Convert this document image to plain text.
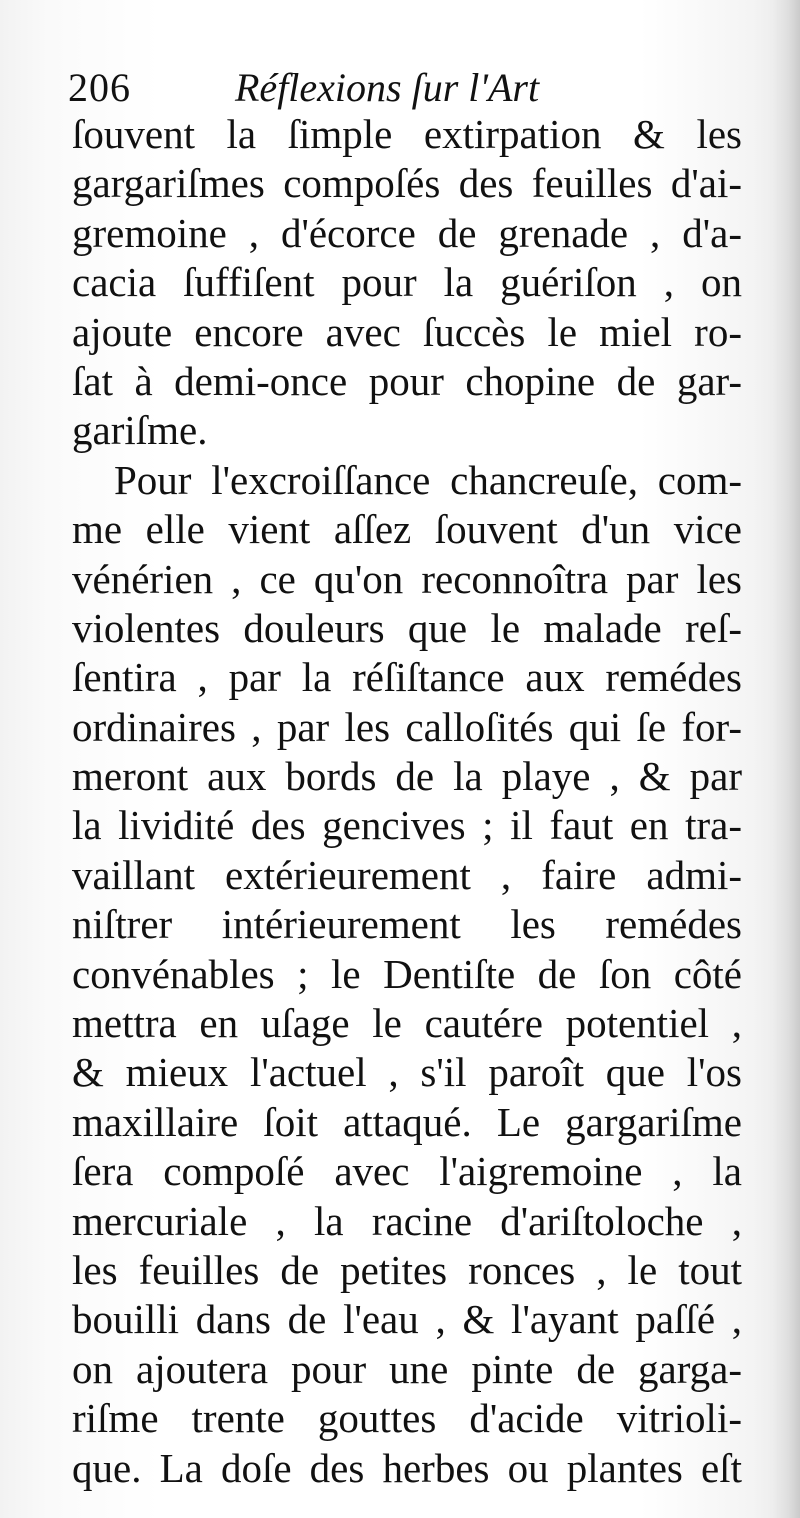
206	Réflexions ſur l'Art
ſouvent la ſimple extirpation & les
gargariſmes compoſés des feuilles d'ai-
gremoine , d'écorce de grenade , d'a-
cacia ſuffiſent pour la guériſon , on
ajoute encore avec ſuccès le miel ro-
ſat à demi-once pour chopine de gar-
gariſme.
Pour l'excroiſſance chancreuſe, com-
me elle vient aſſez ſouvent d'un vice
vénérien , ce qu'on reconnoîtra par les
violentes douleurs que le malade reſ-
ſentira , par la réſiſtance aux remédes
ordinaires , par les calloſités qui ſe for-
meront aux bords de la playe , & par
la lividité des gencives ; il faut en tra-
vaillant extérieurement , faire admi-
niſtrer intérieurement les remédes
convénables ; le Dentiſte de ſon côté
mettra en uſage le cautére potentiel ,
& mieux l'actuel , s'il paroît que l'os
maxillaire ſoit attaqué. Le gargariſme
ſera compoſé avec l'aigremoine , la
mercuriale , la racine d'ariſtoloche ,
les feuilles de petites ronces , le tout
bouilli dans de l'eau , & l'ayant paſſé ,
on ajoutera pour une pinte de garga-
riſme trente gouttes d'acide vitrioli-
que. La doſe des herbes ou plantes eſt
